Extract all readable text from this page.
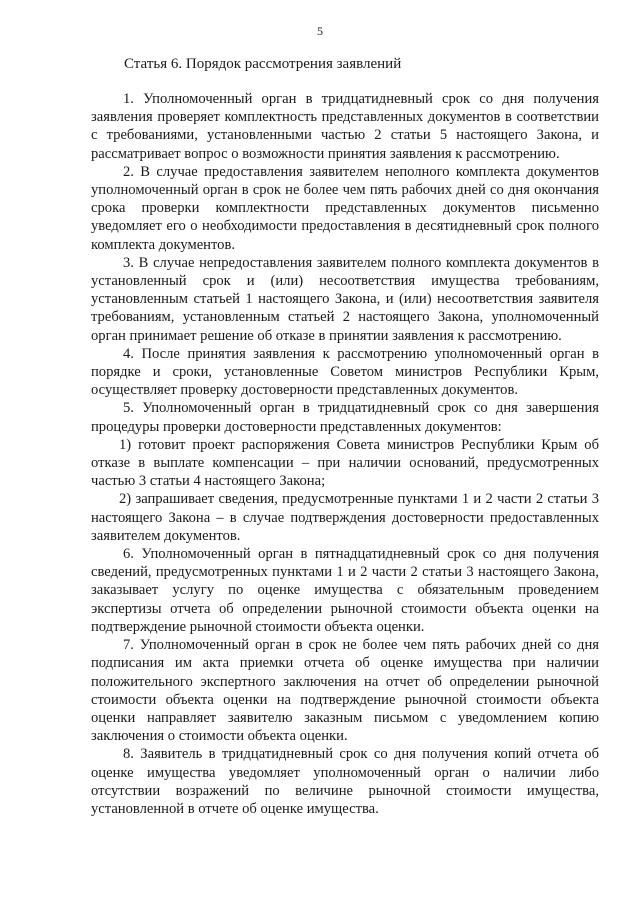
5
Статья 6. Порядок рассмотрения заявлений

1. Уполномоченный орган в тридцатидневный срок со дня получения заявления проверяет комплектность представленных документов в соответствии с требованиями, установленными частью 2 статьи 5 настоящего Закона, и рассматривает вопрос о возможности принятия заявления к рассмотрению.

2. В случае предоставления заявителем неполного комплекта документов уполномоченный орган в срок не более чем пять рабочих дней со дня окончания срока проверки комплектности представленных документов письменно уведомляет его о необходимости предоставления в десятидневный срок полного комплекта документов.

3. В случае непредоставления заявителем полного комплекта документов в установленный срок и (или) несоответствия имущества требованиям, установленным статьей 1 настоящего Закона, и (или) несоответствия заявителя требованиям, установленным статьей 2 настоящего Закона, уполномоченный орган принимает решение об отказе в принятии заявления к рассмотрению.

4. После принятия заявления к рассмотрению уполномоченный орган в порядке и сроки, установленные Советом министров Республики Крым, осуществляет проверку достоверности представленных документов.

5. Уполномоченный орган в тридцатидневный срок со дня завершения процедуры проверки достоверности представленных документов:

1) готовит проект распоряжения Совета министров Республики Крым об отказе в выплате компенсации – при наличии оснований, предусмотренных частью 3 статьи 4 настоящего Закона;

2) запрашивает сведения, предусмотренные пунктами 1 и 2 части 2 статьи 3 настоящего Закона – в случае подтверждения достоверности предоставленных заявителем документов.

6. Уполномоченный орган в пятнадцатидневный срок со дня получения сведений, предусмотренных пунктами 1 и 2 части 2 статьи 3 настоящего Закона, заказывает услугу по оценке имущества с обязательным проведением экспертизы отчета об определении рыночной стоимости объекта оценки на подтверждение рыночной стоимости объекта оценки.

7. Уполномоченный орган в срок не более чем пять рабочих дней со дня подписания им акта приемки отчета об оценке имущества при наличии положительного экспертного заключения на отчет об определении рыночной стоимости объекта оценки на подтверждение рыночной стоимости объекта оценки направляет заявителю заказным письмом с уведомлением копию заключения о стоимости объекта оценки.

8. Заявитель в тридцатидневный срок со дня получения копий отчета об оценке имущества уведомляет уполномоченный орган о наличии либо отсутствии возражений по величине рыночной стоимости имущества, установленной в отчете об оценке имущества.
